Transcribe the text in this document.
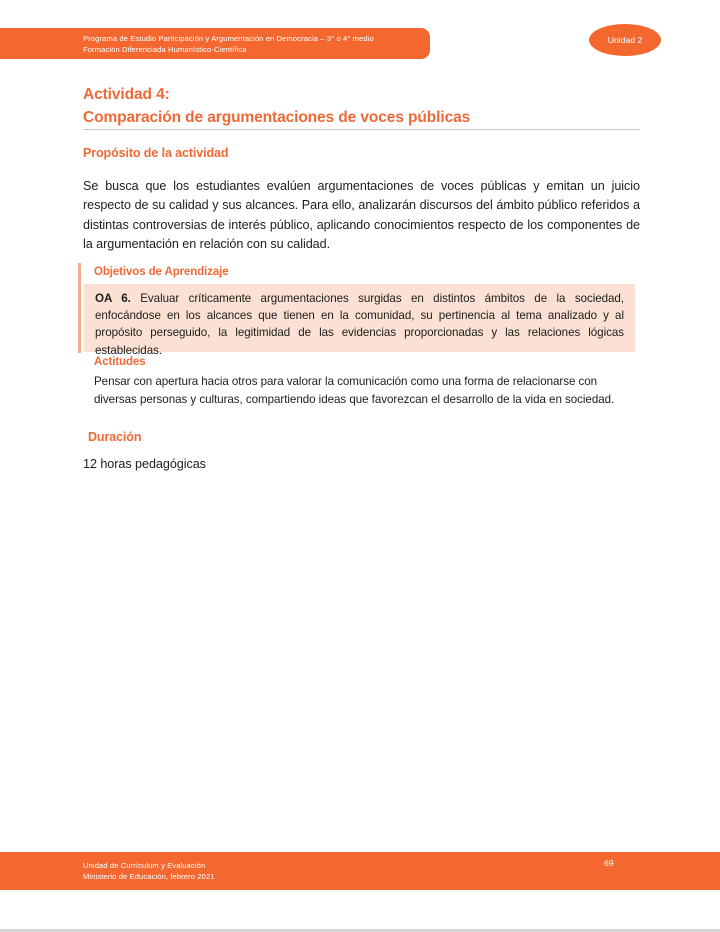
Programa de Estudio Participación y Argumentación en Democracia – 3° o 4° medio
Formación Diferenciada Humanístico-Científica
Unidad 2
Actividad 4:
Comparación de argumentaciones de voces públicas
Propósito de la actividad
Se busca que los estudiantes evalúen argumentaciones de voces públicas y emitan un juicio respecto de su calidad y sus alcances. Para ello, analizarán discursos del ámbito público referidos a distintas controversias de interés público, aplicando conocimientos respecto de los componentes de la argumentación en relación con su calidad.
Objetivos de Aprendizaje
OA 6. Evaluar críticamente argumentaciones surgidas en distintos ámbitos de la sociedad, enfocándose en los alcances que tienen en la comunidad, su pertinencia al tema analizado y al propósito perseguido, la legitimidad de las evidencias proporcionadas y las relaciones lógicas establecidas.
Actitudes
Pensar con apertura hacia otros para valorar la comunicación como una forma de relacionarse con diversas personas y culturas, compartiendo ideas que favorezcan el desarrollo de la vida en sociedad.
Duración
12 horas pedagógicas
Unidad de Currículum y Evaluación
Ministerio de Educación, febrero 2021
69
